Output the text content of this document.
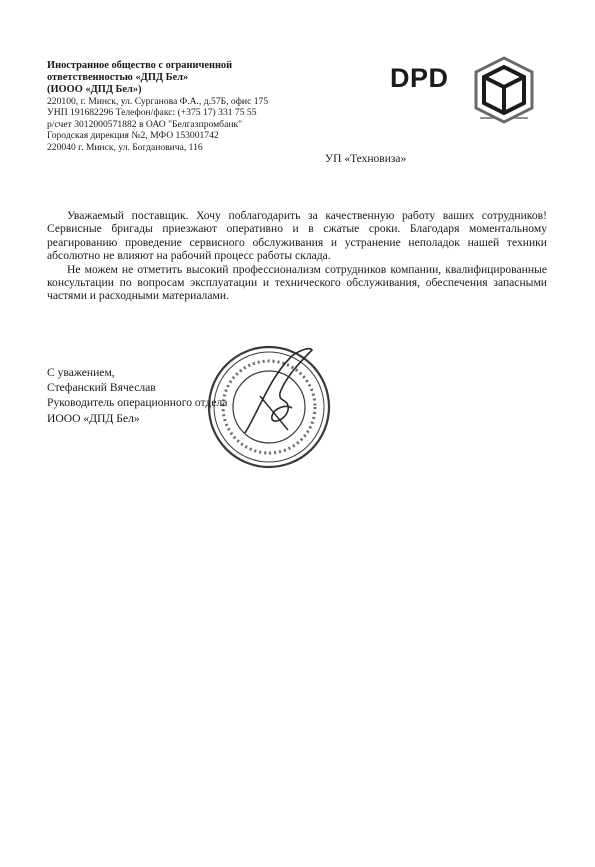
Иностранное общество с ограниченной
ответственностью «ДПД Бел»
(ИООО «ДПД Бел»)
220100, г. Минск, ул. Сурганова Ф.А., д.57Б, офис 175
УНП 191682296 Телефон/факс: (+375 17) 331 75 55
р/счет 3012000571882 в ОАО "Белгазпромбанк"
Городская дирекция №2, МФО 153001742
220040 г. Минск, ул. Богдановича, 116
DPD
УП «Техновиза»

Уважаемый поставщик. Хочу поблагодарить за качественную работу ваших сотрудников! Сервисные бригады приезжают оперативно и в сжатые сроки. Благодаря моментальному реагированию проведение сервисного обслуживания и устранение неполадок нашей техники абсолютно не влияют на рабочий процесс работы склада.

Не можем не отметить высокий профессионализм сотрудников компании, квалифицированные консультации по вопросам эксплуатации и технического обслуживания, обеспечения запасными частями и расходными материалами.

С уважением,
Стефанский Вячеслав
Руководитель операционного отдела
ИООО «ДПД Бел»
